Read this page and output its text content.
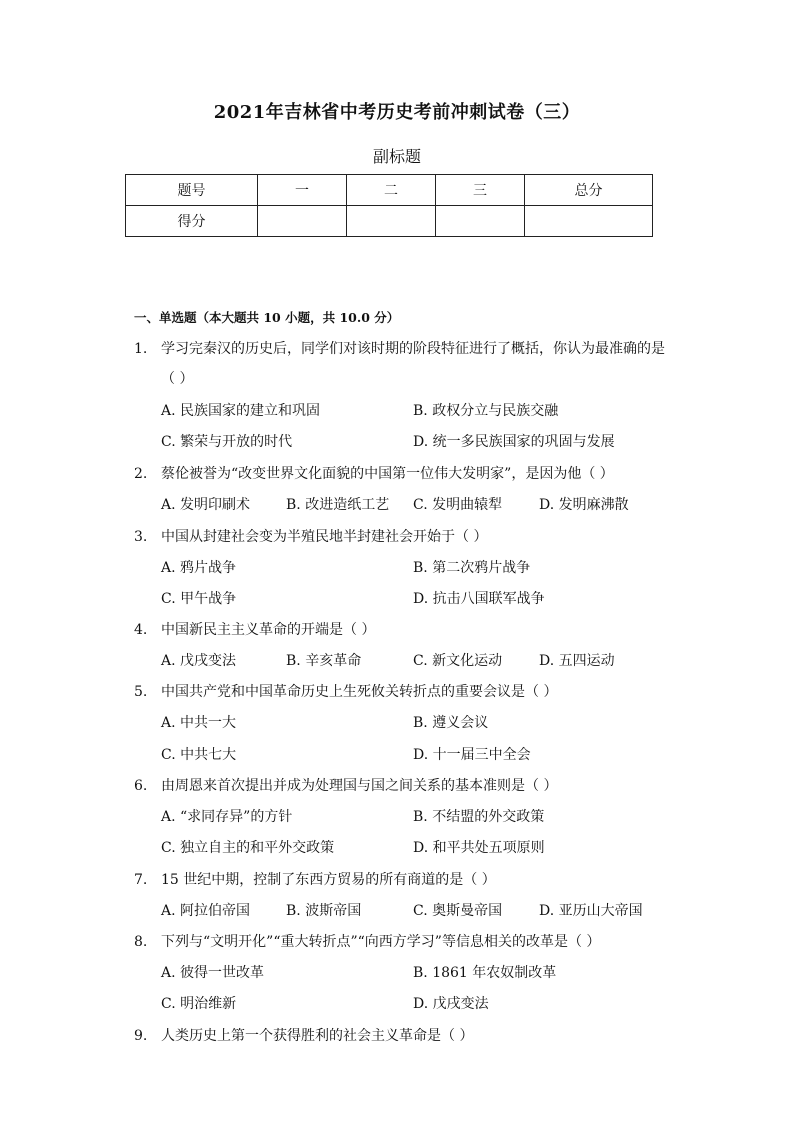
2021年吉林省中考历史考前冲刺试卷（三）
副标题
题号	一	二	三	总分
得分				
一、单选题（本大题共 10 小题，共 10.0 分）
1. 学习完秦汉的历史后，同学们对该时期的阶段特征进行了概括，你认为最准确的是
（ ）
A. 民族国家的建立和巩固	B. 政权分立与民族交融
C. 繁荣与开放的时代	D. 统一多民族国家的巩固与发展
2. 蔡伦被誉为“改变世界文化面貌的中国第一位伟大发明家”，是因为他（ ）
A. 发明印刷术	B. 改进造纸工艺 C. 发明曲辕犁	D. 发明麻沸散
3. 中国从封建社会变为半殖民地半封建社会开始于（ ）
A. 鸦片战争	B. 第二次鸦片战争
C. 甲午战争	D. 抗击八国联军战争
4. 中国新民主主义革命的开端是（ ）
A. 戊戌变法	B. 辛亥革命	C. 新文化运动	D. 五四运动
5. 中国共产党和中国革命历史上生死攸关转折点的重要会议是（ ）
A. 中共一大	B. 遵义会议
C. 中共七大	D. 十一届三中全会
6. 由周恩来首次提出并成为处理国与国之间关系的基本准则是（ ）
A. “求同存异”的方针	B. 不结盟的外交政策
C. 独立自主的和平外交政策	D. 和平共处五项原则
7. 15 世纪中期，控制了东西方贸易的所有商道的是（ ）
A. 阿拉伯帝国	B. 波斯帝国	C. 奥斯曼帝国	D. 亚历山大帝国
8. 下列与“文明开化”“重大转折点”“向西方学习”等信息相关的改革是（ ）
A. 彼得一世改革	B. 1861 年农奴制改革
C. 明治维新	D. 戊戌变法
9. 人类历史上第一个获得胜利的社会主义革命是（ ）
